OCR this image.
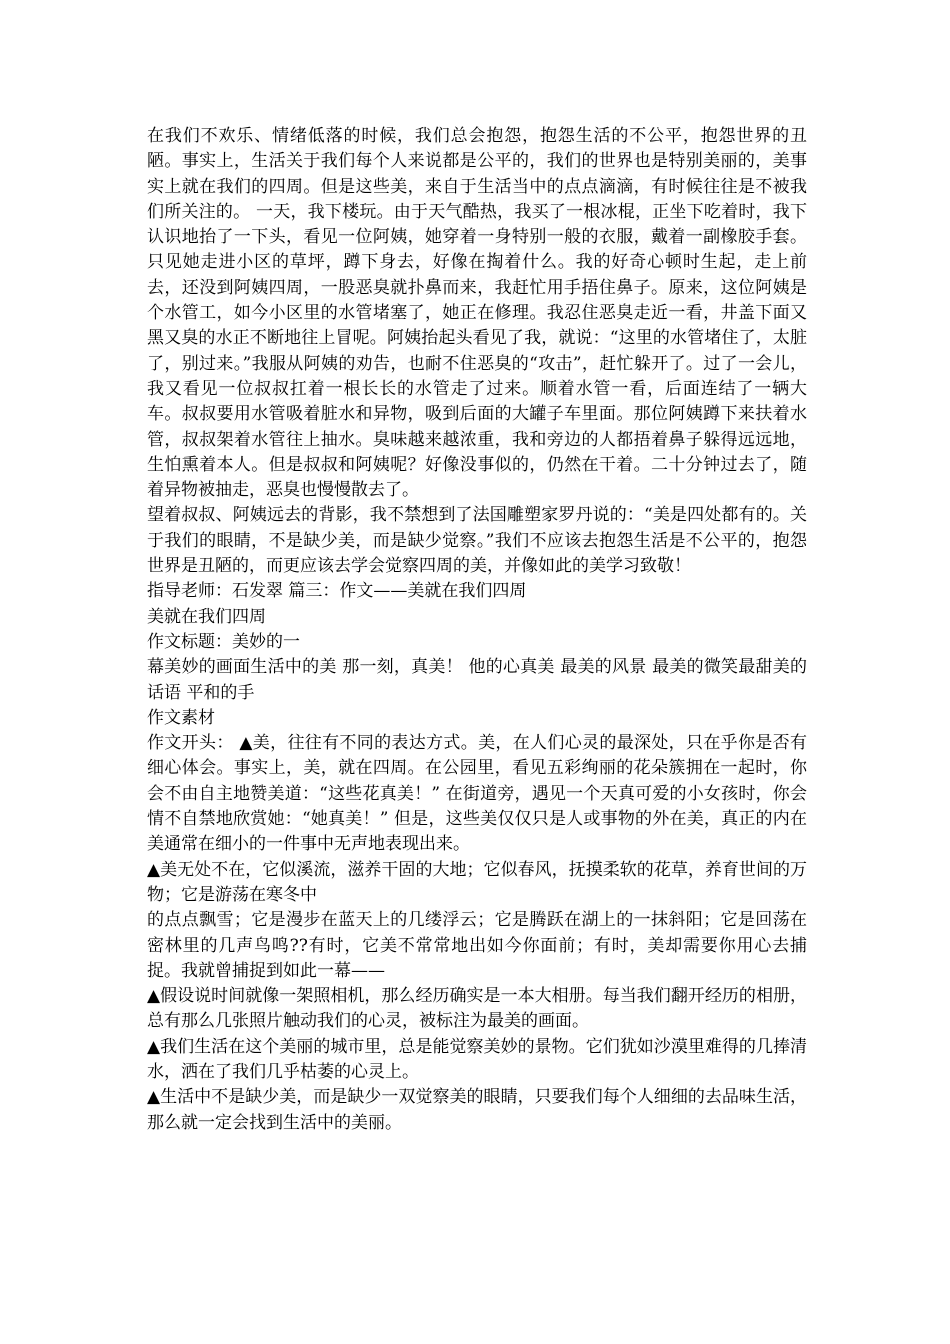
在我们不欢乐、情绪低落的时候，我们总会抱怨，抱怨生活的不公平，抱怨世界的丑陋。事实上，生活关于我们每个人来说都是公平的，我们的世界也是特别美丽的，美事实上就在我们的四周。但是这些美，来自于生活当中的点点滴滴，有时候往往是不被我们所关注的。 一天，我下楼玩。由于天气酷热，我买了一根冰棍，正坐下吃着时，我下认识地抬了一下头，看见一位阿姨，她穿着一身特别一般的衣服，戴着一副橡胶手套。只见她走进小区的草坪，蹲下身去，好像在掏着什么。我的好奇心顿时生起，走上前去，还没到阿姨四周，一股恶臭就扑鼻而来，我赶忙用手捂住鼻子。原来，这位阿姨是个水管工，如今小区里的水管堵塞了，她正在修理。我忍住恶臭走近一看，井盖下面又黑又臭的水正不断地往上冒呢。阿姨抬起头看见了我，就说：“这里的水管堵住了，太脏了，别过来。”我服从阿姨的劝告，也耐不住恶臭的“攻击”，赶忙躲开了。过了一会儿，我又看见一位叔叔扛着一根长长的水管走了过来。顺着水管一看，后面连结了一辆大车。叔叔要用水管吸着脏水和异物，吸到后面的大罐子车里面。那位阿姨蹲下来扶着水管，叔叔架着水管往上抽水。臭味越来越浓重，我和旁边的人都捂着鼻子躲得远远地，生怕熏着本人。但是叔叔和阿姨呢？好像没事似的，仍然在干着。二十分钟过去了，随着异物被抽走，恶臭也慢慢散去了。

望着叔叔、阿姨远去的背影，我不禁想到了法国雕塑家罗丹说的：“美是四处都有的。关于我们的眼睛，不是缺少美，而是缺少觉察。”我们不应该去抱怨生活是不公平的，抱怨世界是丑陋的，而更应该去学会觉察四周的美，并像如此的美学习致敬！

指导老师：石发翠 篇三：作文——美就在我们四周

美就在我们四周

作文标题：美妙的一

幕美妙的画面生活中的美 那一刻，真美！ 他的心真美 最美的风景 最美的微笑最甜美的话语 平和的手

作文素材

作文开头： ▲美，往往有不同的表达方式。美，在人们心灵的最深处，只在乎你是否有细心体会。事实上，美，就在四周。在公园里，看见五彩绚丽的花朵簇拥在一起时，你会不由自主地赞美道：“这些花真美！” 在街道旁，遇见一个天真可爱的小女孩时，你会情不自禁地欣赏她：“她真美！” 但是，这些美仅仅只是人或事物的外在美，真正的内在美通常在细小的一件事中无声地表现出来。

▲美无处不在，它似溪流，滋养干固的大地；它似春风，抚摸柔软的花草，养育世间的万物；它是游荡在寒冬中

的点点飘雪；它是漫步在蓝天上的几缕浮云；它是腾跃在湖上的一抹斜阳；它是回荡在密林里的几声鸟鸣??有时，它美不常常地出如今你面前；有时，美却需要你用心去捕捉。我就曾捕捉到如此一幕——

▲假设说时间就像一架照相机，那么经历确实是一本大相册。每当我们翻开经历的相册，总有那么几张照片触动我们的心灵，被标注为最美的画面。

▲我们生活在这个美丽的城市里，总是能觉察美妙的景物。它们犹如沙漠里难得的几捧清水，洒在了我们几乎枯萎的心灵上。

▲生活中不是缺少美，而是缺少一双觉察美的眼睛，只要我们每个人细细的去品味生活，那么就一定会找到生活中的美丽。
